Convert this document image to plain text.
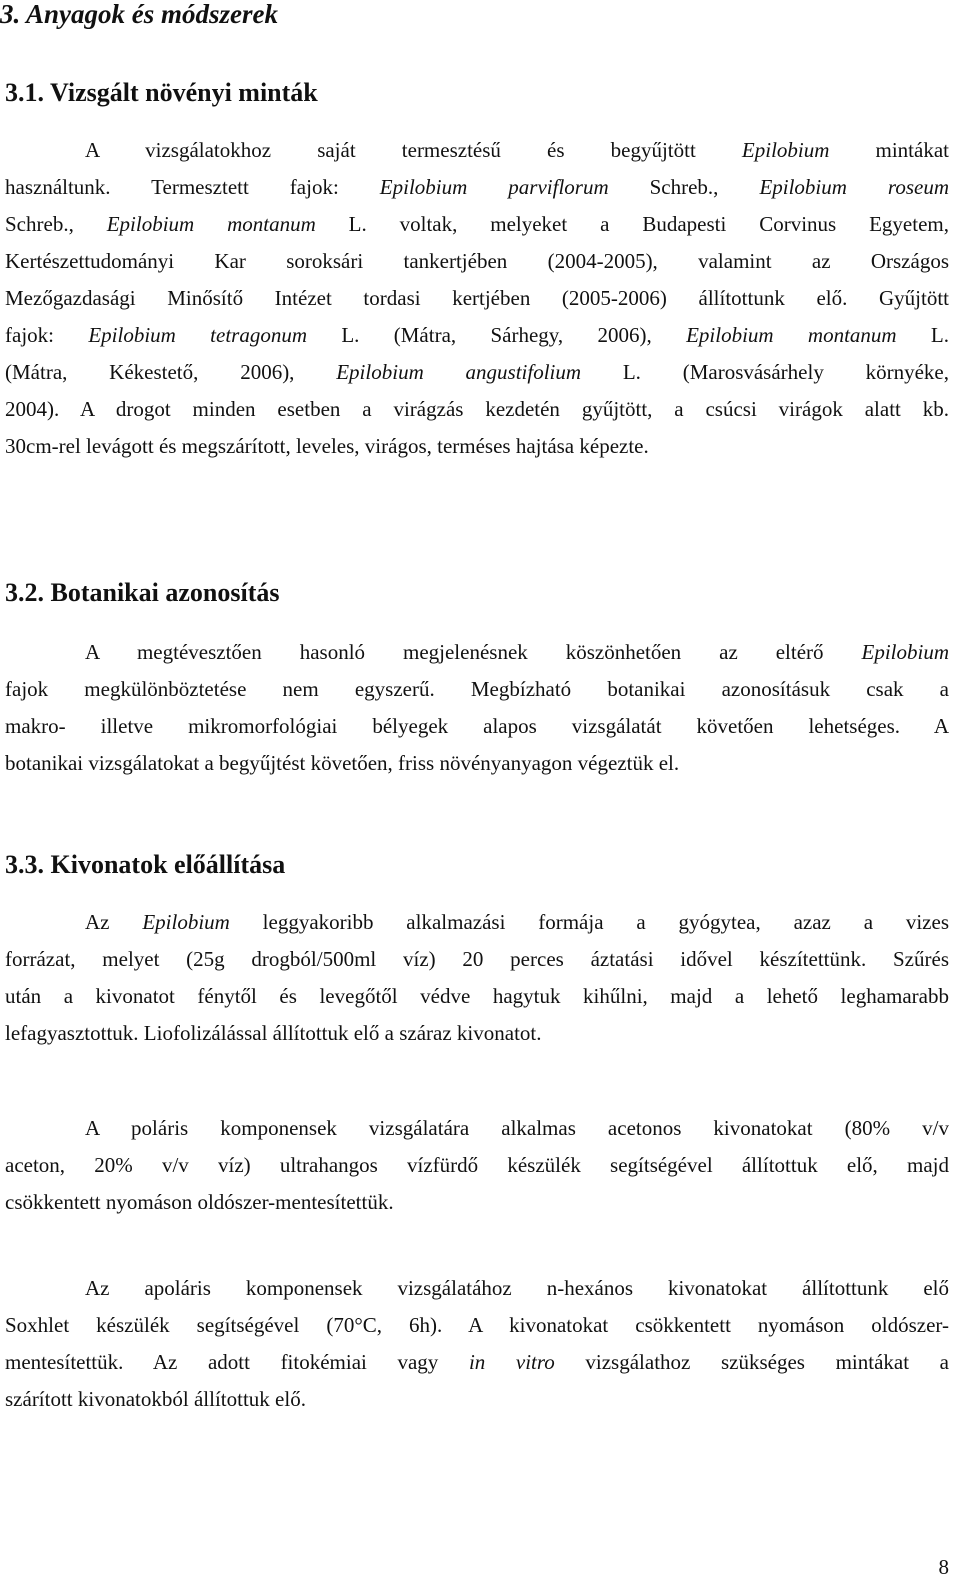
3. Anyagok és módszerek
3.1. Vizsgált növényi minták

A vizsgálatokhoz saját termesztésű és begyűjtött Epilobium mintákat
használtunk. Termesztett fajok: Epilobium parviflorum Schreb., Epilobium roseum
Schreb., Epilobium montanum L. voltak, melyeket a Budapesti Corvinus Egyetem,
Kertészettudományi Kar soroksári tankertjében (2004-2005), valamint az Országos
Mezőgazdasági Minősítő Intézet tordasi kertjében (2005-2006) állítottunk elő. Gyűjtött
fajok: Epilobium tetragonum L. (Mátra, Sárhegy, 2006), Epilobium montanum L.
(Mátra, Kékestető, 2006), Epilobium angustifolium L. (Marosvásárhely környéke,
2004). A drogot minden esetben a virágzás kezdetén gyűjtött, a csúcsi virágok alatt kb.
30cm-rel levágott és megszárított, leveles, virágos, terméses hajtása képezte.

3.2. Botanikai azonosítás

A megtévesztően hasonló megjelenésnek köszönhetően az eltérő Epilobium
fajok megkülönböztetése nem egyszerű. Megbízható botanikai azonosításuk csak a
makro- illetve mikromorfológiai bélyegek alapos vizsgálatát követően lehetséges. A
botanikai vizsgálatokat a begyűjtést követően, friss növényanyagon végeztük el.

3.3. Kivonatok előállítása

Az Epilobium leggyakoribb alkalmazási formája a gyógytea, azaz a vizes
forrázat, melyet (25g drogból/500ml víz) 20 perces áztatási idővel készítettünk. Szűrés
után a kivonatot fénytől és levegőtől védve hagytuk kihűlni, majd a lehető leghamarabb
lefagyasztottuk. Liofolizálással állítottuk elő a száraz kivonatot.

A poláris komponensek vizsgálatára alkalmas acetonos kivonatokat (80% v/v
aceton, 20% v/v víz) ultrahangos vízfürdő készülék segítségével állítottuk elő, majd
csökkentett nyomáson oldószer-mentesítettük.

Az apoláris komponensek vizsgálatához n-hexános kivonatokat állítottunk elő
Soxhlet készülék segítségével (70°C, 6h). A kivonatokat csökkentett nyomáson oldószer-
mentesítettük. Az adott fitokémiai vagy in vitro vizsgálathoz szükséges mintákat a
szárított kivonatokból állítottuk elő.

8
